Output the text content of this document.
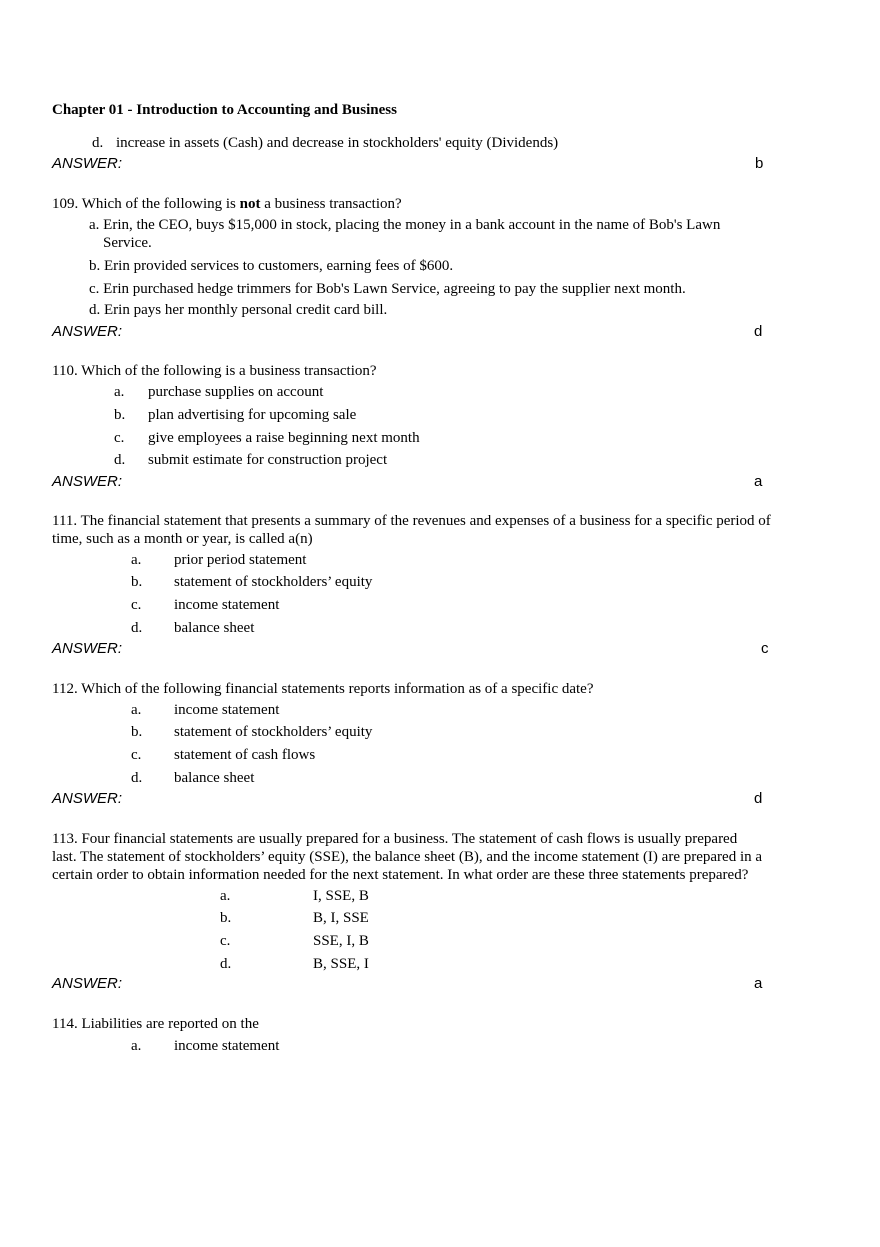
Chapter 01 - Introduction to Accounting and Business
d. increase in assets (Cash) and decrease in stockholders' equity (Dividends)
ANSWER:	b
109. Which of the following is not a business transaction?
a. Erin, the CEO, buys $15,000 in stock, placing the money in a bank account in the name of Bob's Lawn
Service.
b. Erin provided services to customers, earning fees of $600.
c. Erin purchased hedge trimmers for Bob's Lawn Service, agreeing to pay the supplier next month.
d. Erin pays her monthly personal credit card bill.
ANSWER:	d
110. Which of the following is a business transaction?
a. purchase supplies on account
b. plan advertising for upcoming sale
c. give employees a raise beginning next month
d. submit estimate for construction project
ANSWER:	a
111. The financial statement that presents a summary of the revenues and expenses of a business for a specific period of
time, such as a month or year, is called a(n)
a. prior period statement
b. statement of stockholders’ equity
c. income statement
d. balance sheet
ANSWER:	c
112. Which of the following financial statements reports information as of a specific date?
a. income statement
b. statement of stockholders’ equity
c. statement of cash flows
d. balance sheet
ANSWER:	d
113. Four financial statements are usually prepared for a business. The statement of cash flows is usually prepared
last. The statement of stockholders’ equity (SSE), the balance sheet (B), and the income statement (I) are prepared in a
certain order to obtain information needed for the next statement. In what order are these three statements prepared?
a.	I, SSE, B
b.	B, I, SSE
c.	SSE, I, B
d.	B, SSE, I
ANSWER:	a
114. Liabilities are reported on the
a. income statement
